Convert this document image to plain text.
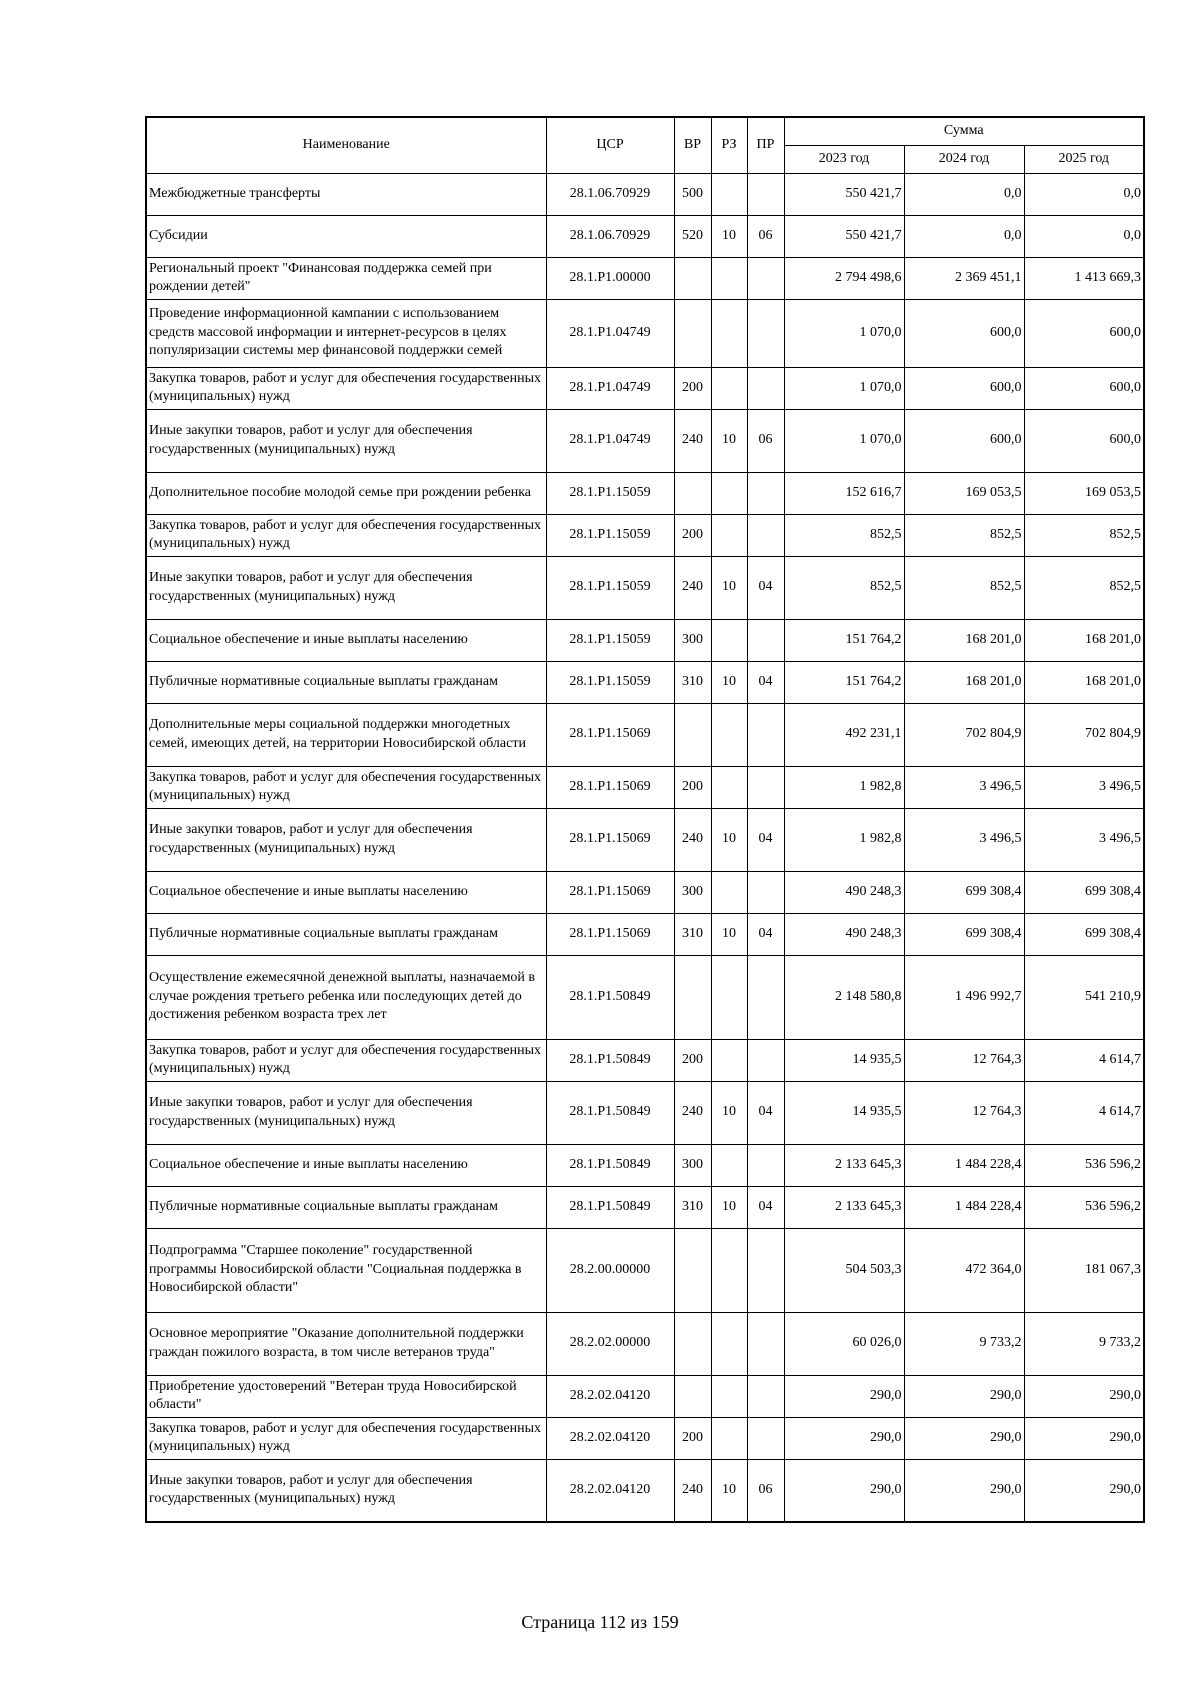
Наименование	ЦСР	ВР	РЗ	ПР	Сумма		
					2023 год	2024 год	2025 год
Межбюджетные трансферты	28.1.06.70929	500			550 421,7	0,0	0,0
Субсидии	28.1.06.70929	520	10	06	550 421,7	0,0	0,0
Региональный проект "Финансовая поддержка семей при рождении детей"	28.1.P1.00000				2 794 498,6	2 369 451,1	1 413 669,3
Проведение информационной кампании с использованием средств массовой информации и интернет-ресурсов в целях популяризации системы мер финансовой поддержки семей	28.1.P1.04749				1 070,0	600,0	600,0
Закупка товаров, работ и услуг для обеспечения государственных (муниципальных) нужд	28.1.P1.04749	200			1 070,0	600,0	600,0
Иные закупки товаров, работ и услуг для обеспечения государственных (муниципальных) нужд	28.1.P1.04749	240	10	06	1 070,0	600,0	600,0
Дополнительное пособие молодой семье при рождении ребенка	28.1.P1.15059				152 616,7	169 053,5	169 053,5
Закупка товаров, работ и услуг для обеспечения государственных (муниципальных) нужд	28.1.P1.15059	200			852,5	852,5	852,5
Иные закупки товаров, работ и услуг для обеспечения государственных (муниципальных) нужд	28.1.P1.15059	240	10	04	852,5	852,5	852,5
Социальное обеспечение и иные выплаты населению	28.1.P1.15059	300			151 764,2	168 201,0	168 201,0
Публичные нормативные социальные выплаты гражданам	28.1.P1.15059	310	10	04	151 764,2	168 201,0	168 201,0
Дополнительные меры социальной поддержки многодетных семей, имеющих детей, на территории Новосибирской области	28.1.P1.15069				492 231,1	702 804,9	702 804,9
Закупка товаров, работ и услуг для обеспечения государственных (муниципальных) нужд	28.1.P1.15069	200			1 982,8	3 496,5	3 496,5
Иные закупки товаров, работ и услуг для обеспечения государственных (муниципальных) нужд	28.1.P1.15069	240	10	04	1 982,8	3 496,5	3 496,5
Социальное обеспечение и иные выплаты населению	28.1.P1.15069	300			490 248,3	699 308,4	699 308,4
Публичные нормативные социальные выплаты гражданам	28.1.P1.15069	310	10	04	490 248,3	699 308,4	699 308,4
Осуществление ежемесячной денежной выплаты, назначаемой в случае рождения третьего ребенка или последующих детей до достижения ребенком возраста трех лет	28.1.P1.50849				2 148 580,8	1 496 992,7	541 210,9
Закупка товаров, работ и услуг для обеспечения государственных (муниципальных) нужд	28.1.P1.50849	200			14 935,5	12 764,3	4 614,7
Иные закупки товаров, работ и услуг для обеспечения государственных (муниципальных) нужд	28.1.P1.50849	240	10	04	14 935,5	12 764,3	4 614,7
Социальное обеспечение и иные выплаты населению	28.1.P1.50849	300			2 133 645,3	1 484 228,4	536 596,2
Публичные нормативные социальные выплаты гражданам	28.1.P1.50849	310	10	04	2 133 645,3	1 484 228,4	536 596,2
Подпрограмма "Старшее поколение" государственной программы Новосибирской области "Социальная поддержка в Новосибирской области"	28.2.00.00000				504 503,3	472 364,0	181 067,3
Основное мероприятие "Оказание дополнительной поддержки граждан пожилого возраста, в том числе ветеранов труда"	28.2.02.00000				60 026,0	9 733,2	9 733,2
Приобретение удостоверений "Ветеран труда Новосибирской области"	28.2.02.04120				290,0	290,0	290,0
Закупка товаров, работ и услуг для обеспечения государственных (муниципальных) нужд	28.2.02.04120	200			290,0	290,0	290,0
Иные закупки товаров, работ и услуг для обеспечения государственных (муниципальных) нужд	28.2.02.04120	240	10	06	290,0	290,0	290,0
Страница 112 из 159
